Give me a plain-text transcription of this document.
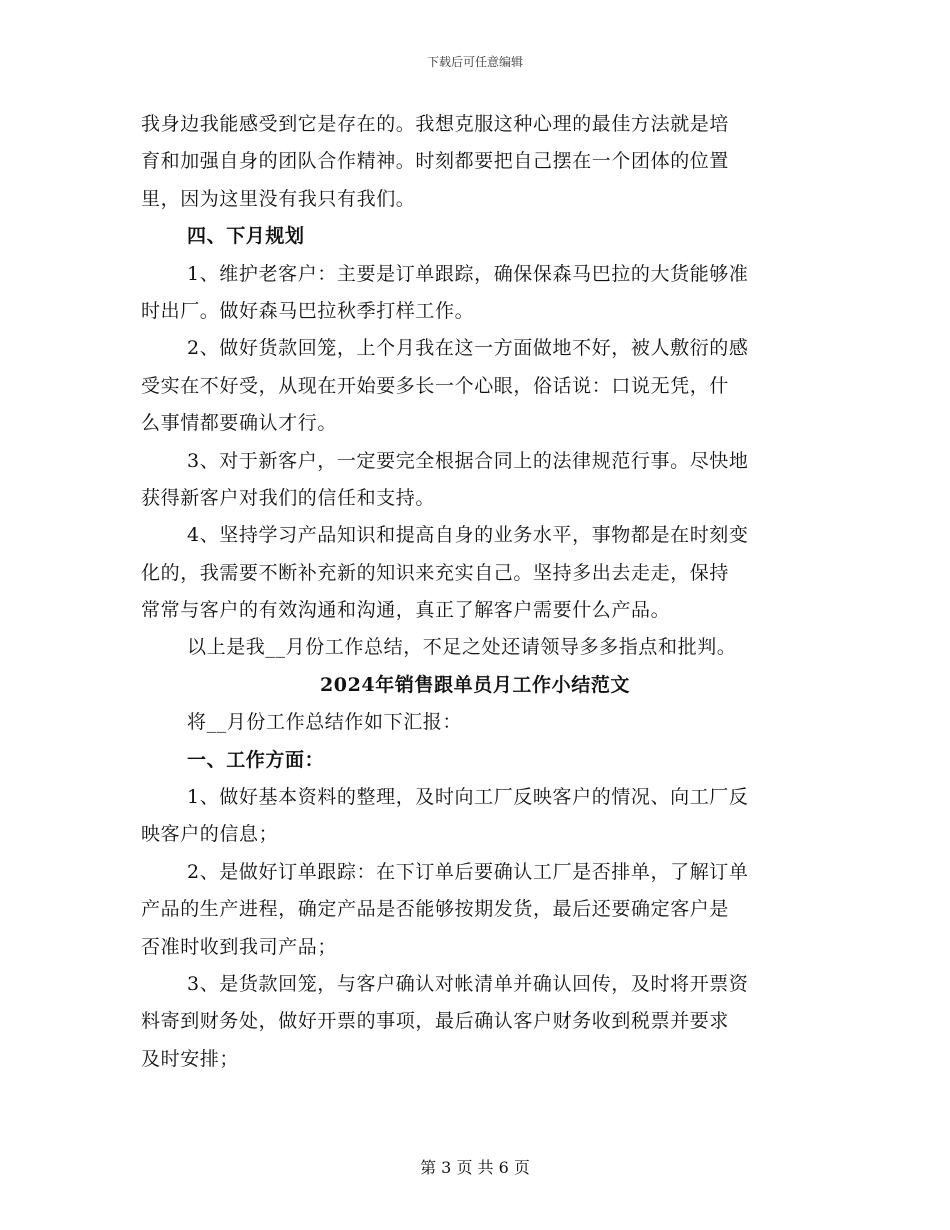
下载后可任意编辑
我身边我能感受到它是存在的。我想克服这种心理的最佳方法就是培
育和加强自身的团队合作精神。时刻都要把自己摆在一个团体的位置
里，因为这里没有我只有我们。
四、下月规划
1、维护老客户：主要是订单跟踪，确保保森马巴拉的大货能够准
时出厂。做好森马巴拉秋季打样工作。
2、做好货款回笼，上个月我在这一方面做地不好，被人敷衍的感
受实在不好受，从现在开始要多长一个心眼，俗话说：口说无凭，什
么事情都要确认才行。
3、对于新客户，一定要完全根据合同上的法律规范行事。尽快地
获得新客户对我们的信任和支持。
4、坚持学习产品知识和提高自身的业务水平，事物都是在时刻变
化的，我需要不断补充新的知识来充实自己。坚持多出去走走，保持
常常与客户的有效沟通和沟通，真正了解客户需要什么产品。
以上是我__月份工作总结，不足之处还请领导多多指点和批判。
2024年销售跟单员月工作小结范文
将__月份工作总结作如下汇报：
一、工作方面：
1、做好基本资料的整理，及时向工厂反映客户的情况、向工厂反
映客户的信息；
2、是做好订单跟踪：在下订单后要确认工厂是否排单，了解订单
产品的生产进程，确定产品是否能够按期发货，最后还要确定客户是
否准时收到我司产品；
3、是货款回笼，与客户确认对帐清单并确认回传，及时将开票资
料寄到财务处，做好开票的事项，最后确认客户财务收到税票并要求
及时安排；
第 3 页 共 6 页
